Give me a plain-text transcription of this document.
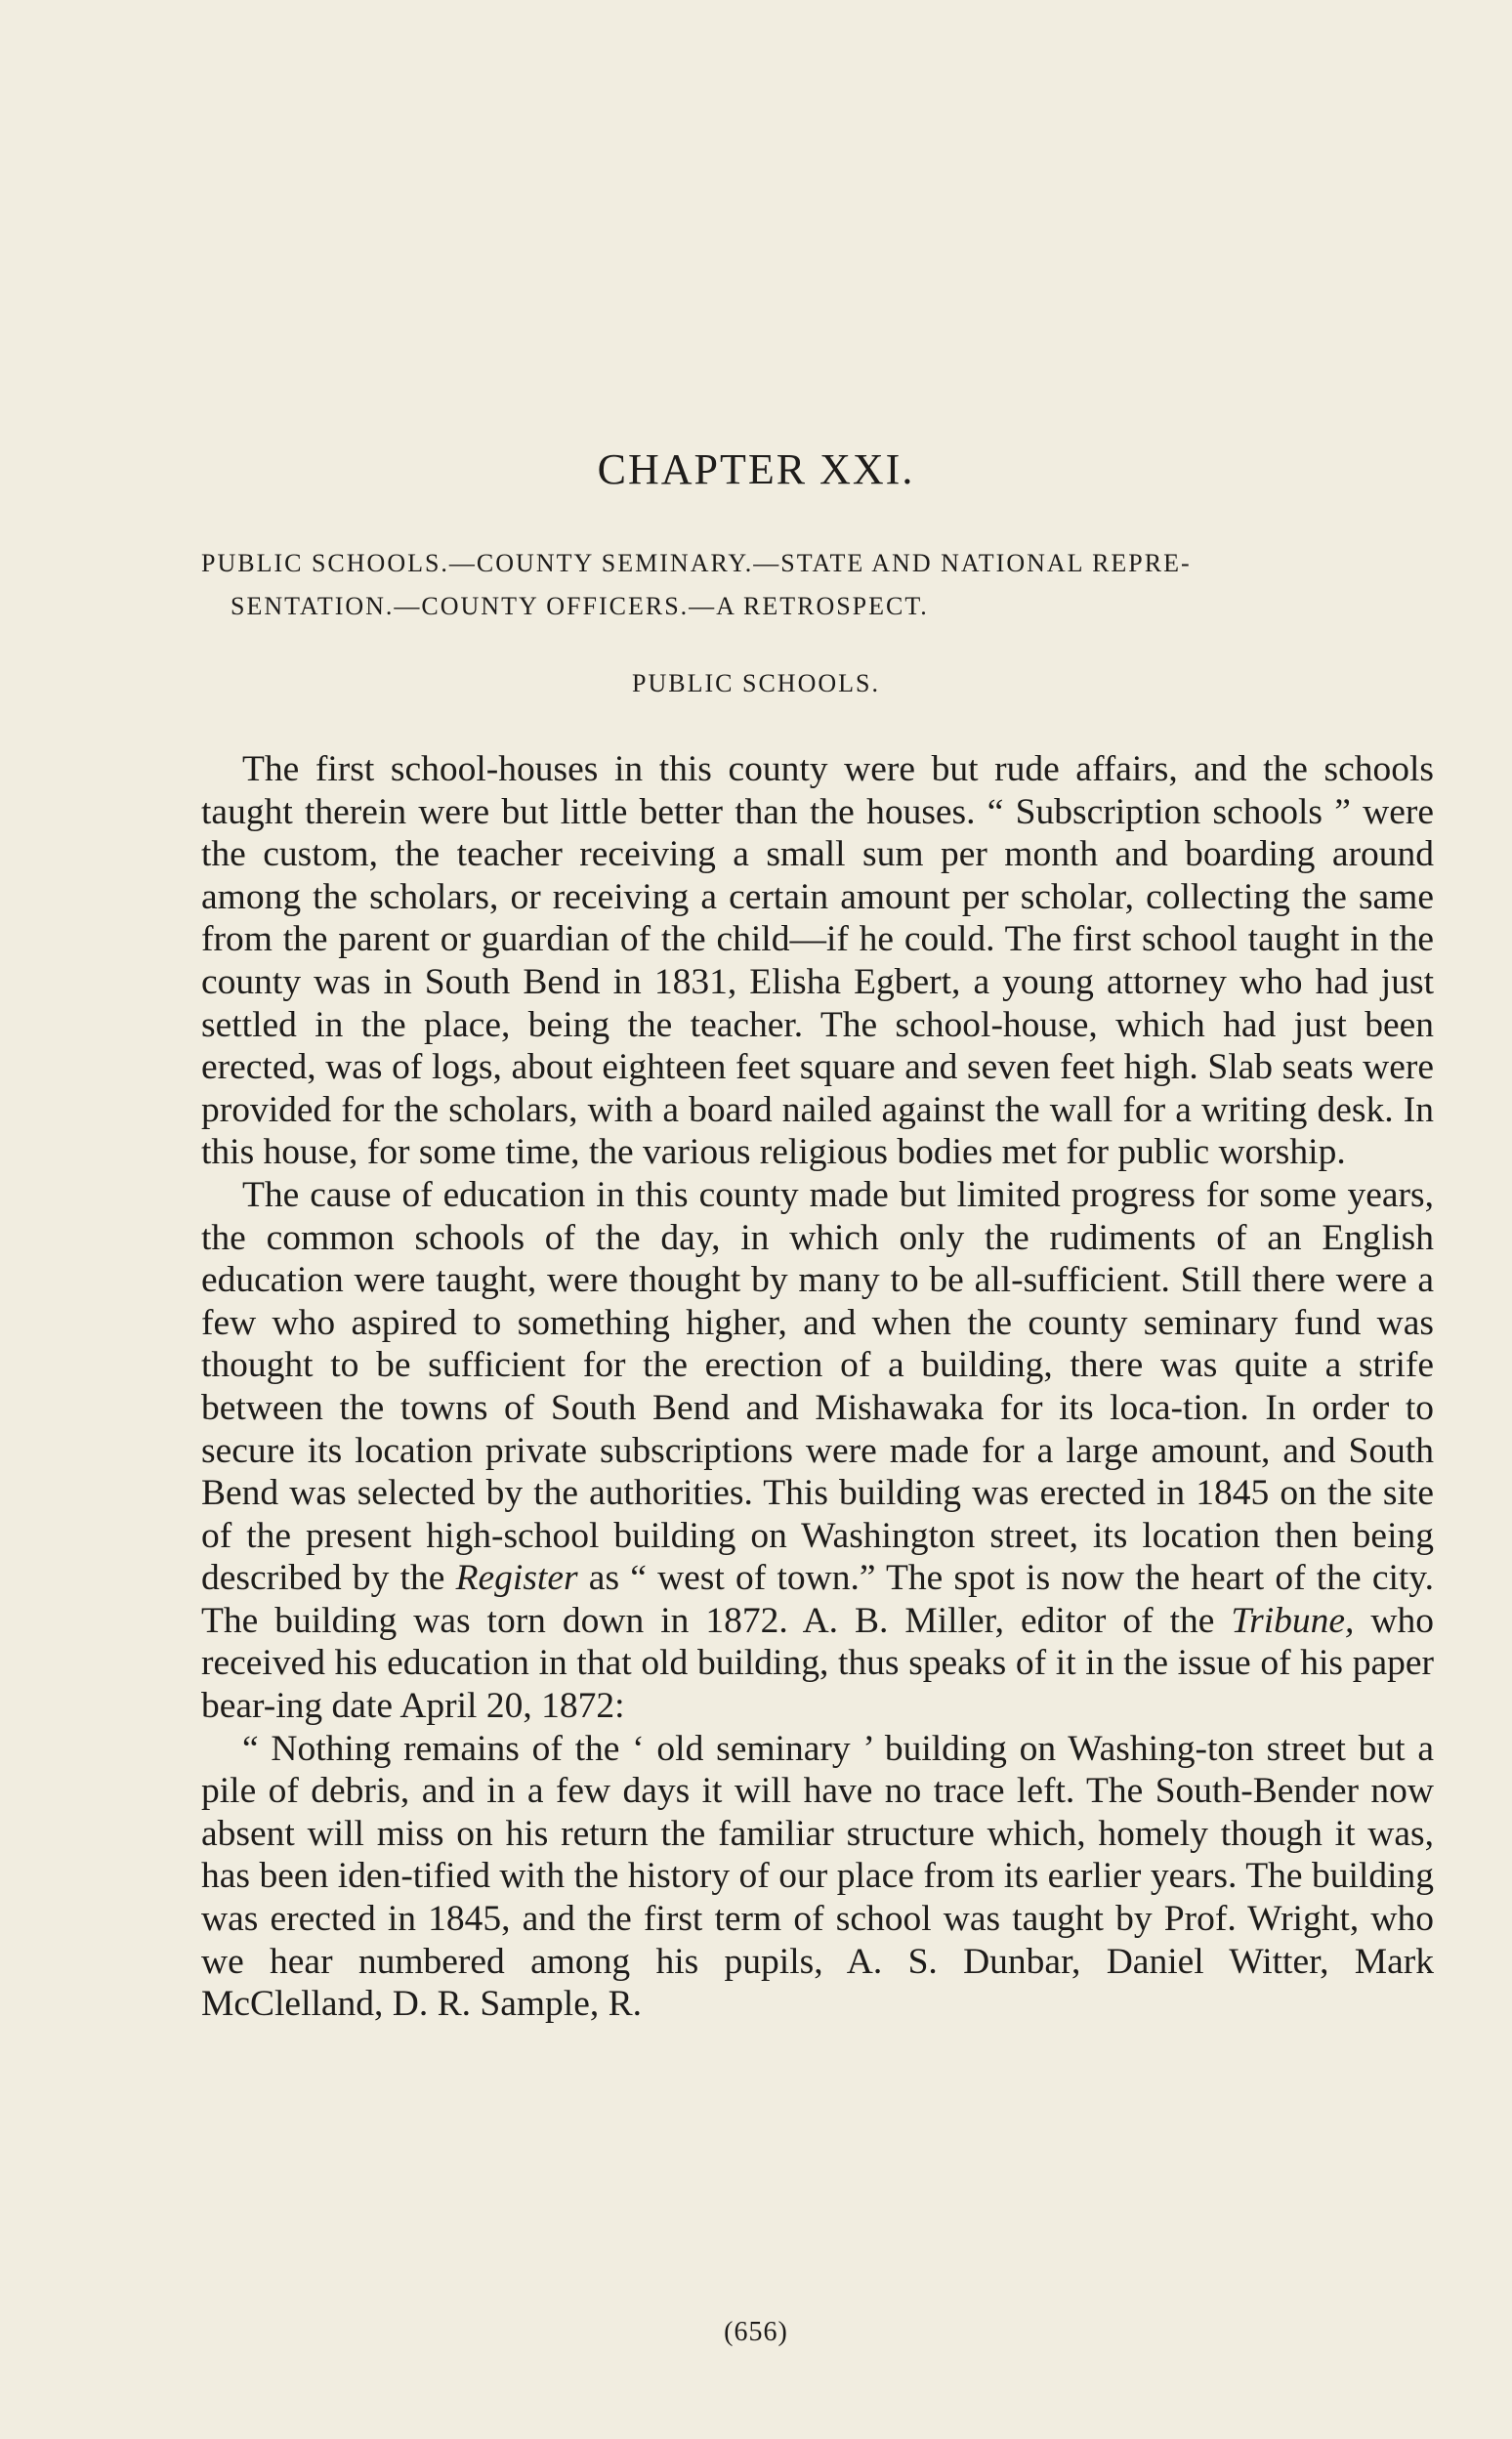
CHAPTER XXI.
PUBLIC SCHOOLS.—COUNTY SEMINARY.—STATE AND NATIONAL REPRE-
SENTATION.—COUNTY OFFICERS.—A RETROSPECT.
PUBLIC SCHOOLS.

The first school-houses in this county were but rude affairs, and the schools taught therein were but little better than the houses. “ Subscription schools ” were the custom, the teacher receiving a small sum per month and boarding around among the scholars, or receiving a certain amount per scholar, collecting the same from the parent or guardian of the child—if he could. The first school taught in the county was in South Bend in 1831, Elisha Egbert, a young attorney who had just settled in the place, being the teacher. The school-house, which had just been erected, was of logs, about eighteen feet square and seven feet high. Slab seats were provided for the scholars, with a board nailed against the wall for a writing desk. In this house, for some time, the various religious bodies met for public worship.

The cause of education in this county made but limited progress for some years, the common schools of the day, in which only the rudiments of an English education were taught, were thought by many to be all-sufficient. Still there were a few who aspired to something higher, and when the county seminary fund was thought to be sufficient for the erection of a building, there was quite a strife between the towns of South Bend and Mishawaka for its loca-tion. In order to secure its location private subscriptions were made for a large amount, and South Bend was selected by the authorities. This building was erected in 1845 on the site of the present high-school building on Washington street, its location then being described by the Register as “ west of town.” The spot is now the heart of the city. The building was torn down in 1872. A. B. Miller, editor of the Tribune, who received his education in that old building, thus speaks of it in the issue of his paper bear-ing date April 20, 1872:

“ Nothing remains of the ‘ old seminary ’ building on Washing-ton street but a pile of debris, and in a few days it will have no trace left. The South-Bender now absent will miss on his return the familiar structure which, homely though it was, has been iden-tified with the history of our place from its earlier years. The building was erected in 1845, and the first term of school was taught by Prof. Wright, who we hear numbered among his pupils, A. S. Dunbar, Daniel Witter, Mark McClelland, D. R. Sample, R.

(656)
